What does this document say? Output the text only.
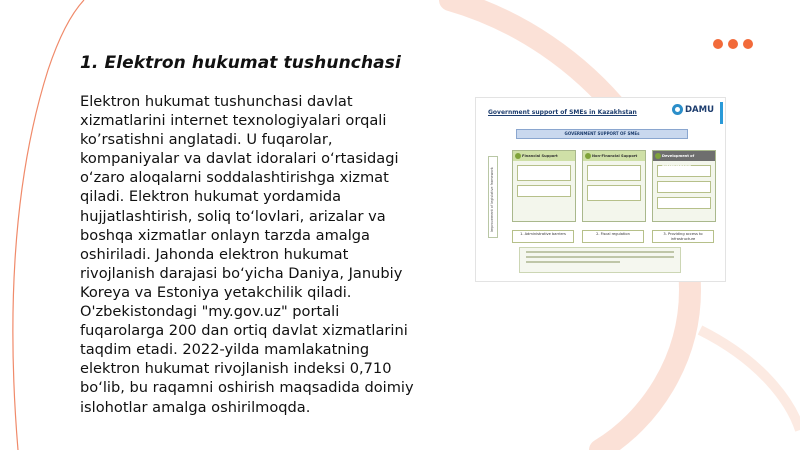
1. Elektron hukumat tushunchasi

Elektron hukumat tushunchasi davlat xizmatlarini internet texnologiyalari orqali ko’rsatishni anglatadi. U fuqarolar, kompaniyalar va davlat idoralari o‘rtasidagi o‘zaro aloqalarni soddalashtirishga xizmat qiladi. Elektron hukumat yordamida hujjatlashtirish, soliq to‘lovlari, arizalar va boshqa xizmatlar onlayn tarzda amalga oshiriladi. Jahonda elektron hukumat rivojlanish darajasi bo‘yicha Daniya, Janubiy Koreya va Estoniya yetakchilik qiladi. O'zbekistondagi "my.gov.uz" portali fuqarolarga 200 dan ortiq davlat xizmatlarini taqdim etadi. 2022-yilda mamlakatning elektron hukumat rivojlanish indeksi 0,710 bo‘lib, bu raqamni oshirish maqsadida doimiy islohotlar amalga oshirilmoqda.

Government support of SMEs in Kazakhstan	DAMU
GOVERNMENT SUPPORT OF SMEs
Improvement of legislative framework
Financial Support	Non-Financial Support	Development of entrepreneurs
1. Administrative barriers	2. Fiscal regulation	3. Providing access to infrastructure
